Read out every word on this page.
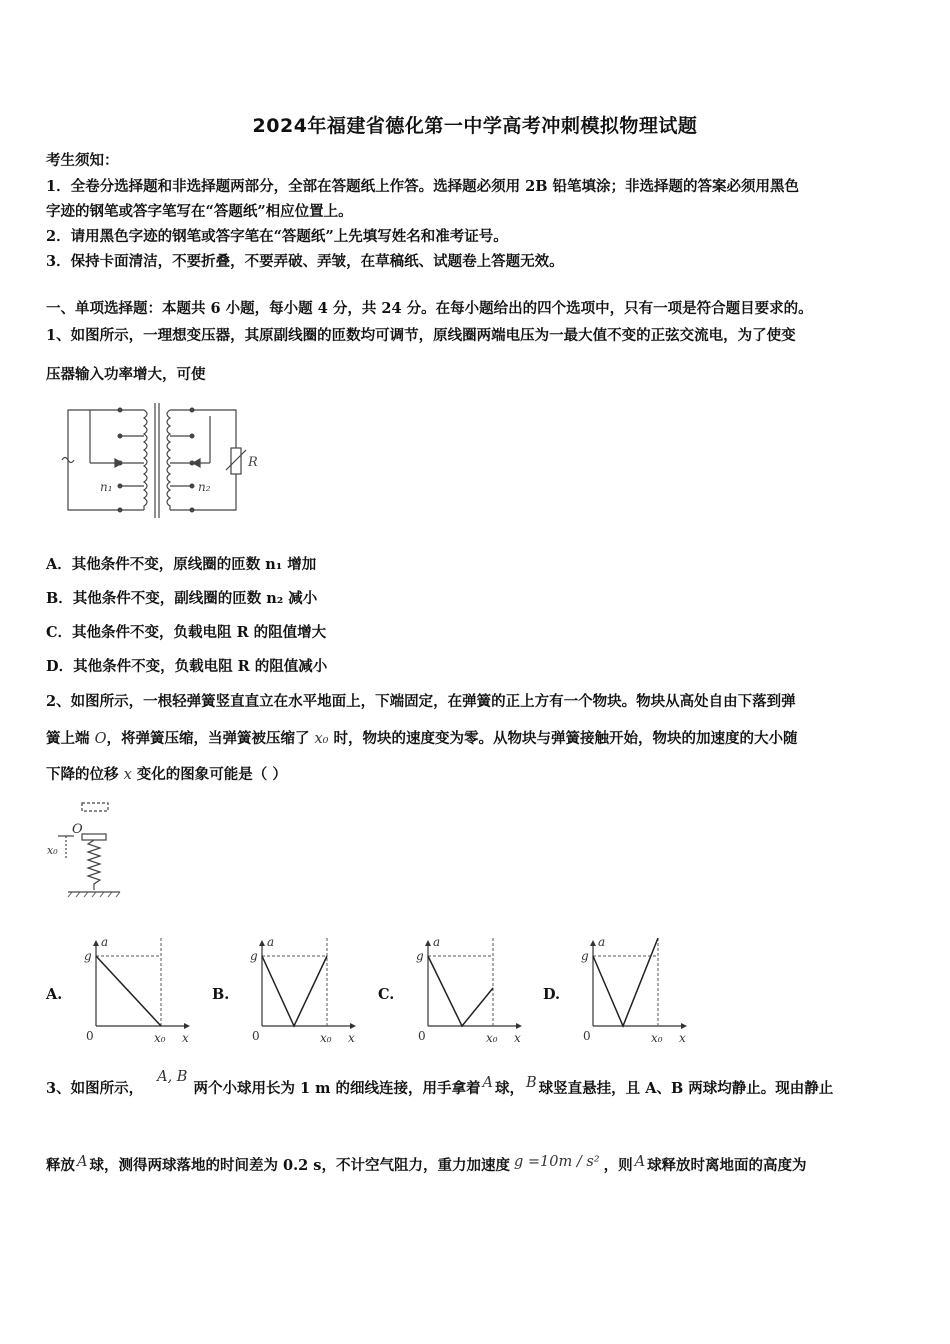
2024年福建省德化第一中学高考冲刺模拟物理试题
考生须知：
1．全卷分选择题和非选择题两部分，全部在答题纸上作答。选择题必须用 2B 铅笔填涂；非选择题的答案必须用黑色
字迹的钢笔或答字笔写在“答题纸”相应位置上。
2．请用黑色字迹的钢笔或答字笔在“答题纸”上先填写姓名和准考证号。
3．保持卡面清洁，不要折叠，不要弄破、弄皱，在草稿纸、试题卷上答题无效。
一、单项选择题：本题共 6 小题，每小题 4 分，共 24 分。在每小题给出的四个选项中，只有一项是符合题目要求的。
1、如图所示，一理想变压器，其原副线圈的匝数均可调节，原线圈两端电压为一最大值不变的正弦交流电，为了使变
压器输入功率增大，可使
n₁	n₂
R
A．其他条件不变，原线圈的匝数 n₁ 增加
B．其他条件不变，副线圈的匝数 n₂ 减小
C．其他条件不变，负载电阻 R 的阻值增大
D．其他条件不变，负载电阻 R 的阻值减小
2、如图所示，一根轻弹簧竖直直立在水平地面上，下端固定，在弹簧的正上方有一个物块。物块从高处自由下落到弹
簧上端 O，将弹簧压缩，当弹簧被压缩了 x₀ 时，物块的速度变为零。从物块与弹簧接触开始，物块的加速度的大小随
下降的位移 x 变化的图象可能是（ ）
O
x₀
A.
a
g
0	x₀ x
B.
a
g
0	x₀ x
C.
a
g
0	x₀ x
D.
a
g
0	x₀ x
3、如图所示，A, B两个小球用长为 1 m 的细线连接，用手拿着 A 球， B 球竖直悬挂，且 A、B 两球均静止。现由静止
释放 A 球，测得两球落地的时间差为 0.2 s，不计空气阻力，重力加速度 g =10m / s² ，则 A 球释放时离地面的高度为
